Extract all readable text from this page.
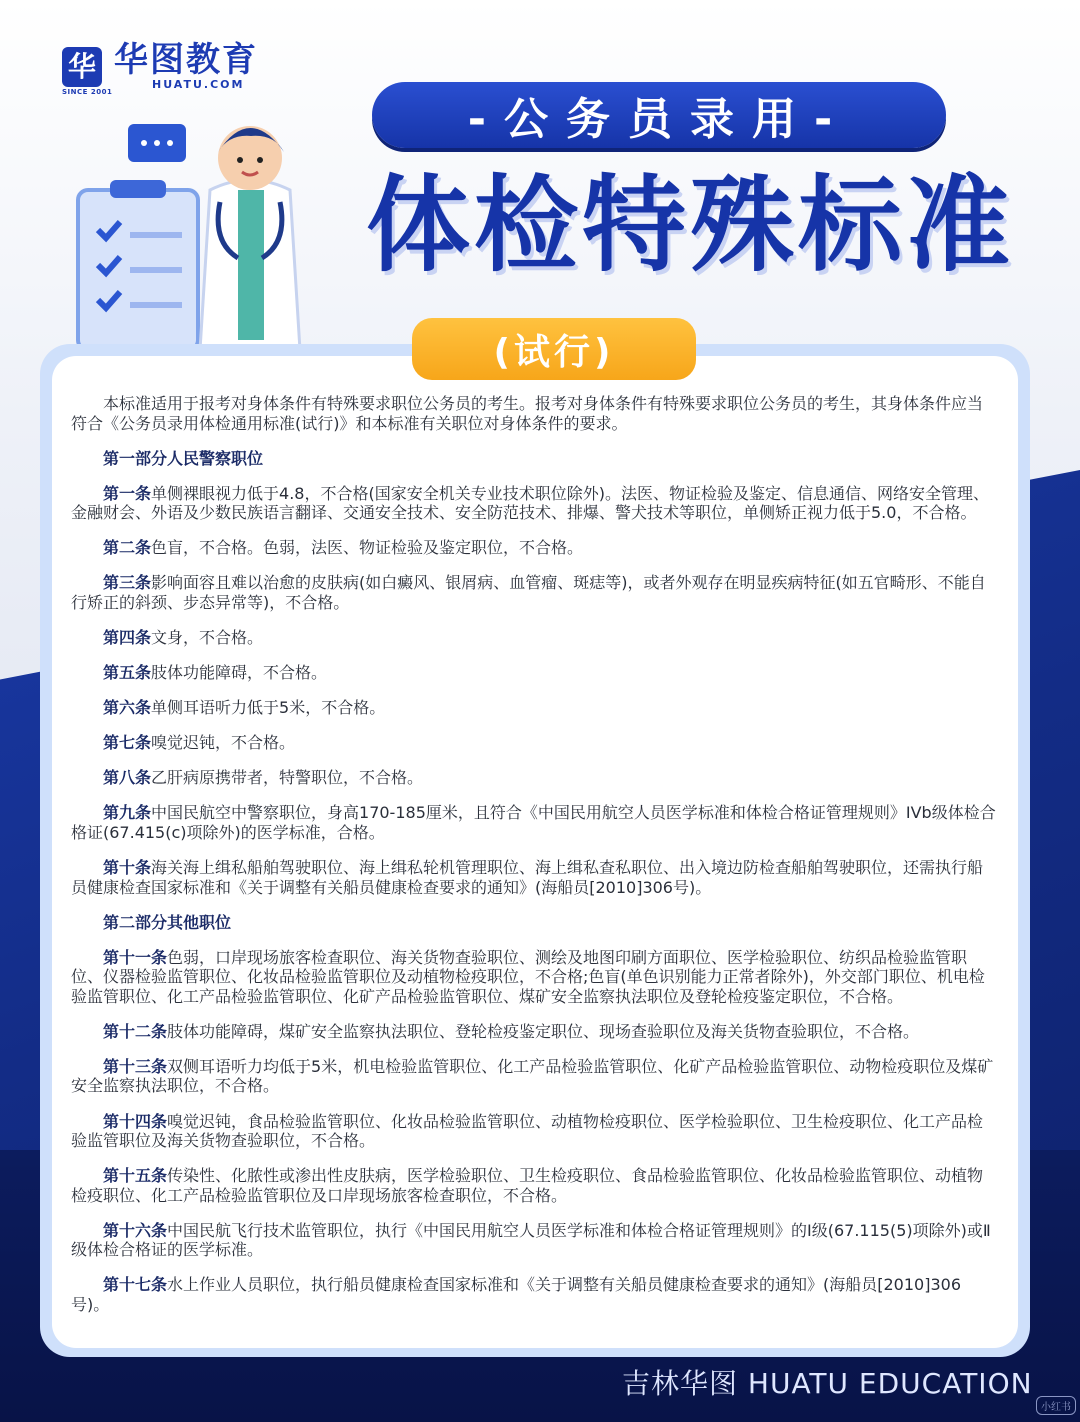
华 华图教育
HUATU.COM
SINCE 2001
-公务员录用-
体检特殊标准
(试行)

本标准适用于报考对身体条件有特殊要求职位公务员的考生。报考对身体条件有特殊要求职位公务员的考生，其身体条件应当符合《公务员录用体检通用标准(试行)》和本标准有关职位对身体条件的要求。

第一部分人民警察职位

第一条单侧裸眼视力低于4.8，不合格(国家安全机关专业技术职位除外)。法医、物证检验及鉴定、信息通信、网络安全管理、金融财会、外语及少数民族语言翻译、交通安全技术、安全防范技术、排爆、警犬技术等职位，单侧矫正视力低于5.0，不合格。

第二条色盲，不合格。色弱，法医、物证检验及鉴定职位，不合格。

第三条影响面容且难以治愈的皮肤病(如白癜风、银屑病、血管瘤、斑痣等)，或者外观存在明显疾病特征(如五官畸形、不能自行矫正的斜颈、步态异常等)，不合格。

第四条文身，不合格。

第五条肢体功能障碍，不合格。

第六条单侧耳语听力低于5米，不合格。

第七条嗅觉迟钝，不合格。

第八条乙肝病原携带者，特警职位，不合格。

第九条中国民航空中警察职位，身高170-185厘米，且符合《中国民用航空人员医学标准和体检合格证管理规则》IVb级体检合格证(67.415(c)项除外)的医学标准，合格。

第十条海关海上缉私船舶驾驶职位、海上缉私轮机管理职位、海上缉私查私职位、出入境边防检查船舶驾驶职位，还需执行船员健康检查国家标准和《关于调整有关船员健康检查要求的通知》(海船员[2010]306号)。

第二部分其他职位

第十一条色弱，口岸现场旅客检查职位、海关货物查验职位、测绘及地图印刷方面职位、医学检验职位、纺织品检验监管职位、仪器检验监管职位、化妆品检验监管职位及动植物检疫职位，不合格;色盲(单色识别能力正常者除外)，外交部门职位、机电检验监管职位、化工产品检验监管职位、化矿产品检验监管职位、煤矿安全监察执法职位及登轮检疫鉴定职位，不合格。

第十二条肢体功能障碍，煤矿安全监察执法职位、登轮检疫鉴定职位、现场查验职位及海关货物查验职位，不合格。

第十三条双侧耳语听力均低于5米，机电检验监管职位、化工产品检验监管职位、化矿产品检验监管职位、动物检疫职位及煤矿安全监察执法职位，不合格。

第十四条嗅觉迟钝，食品检验监管职位、化妆品检验监管职位、动植物检疫职位、医学检验职位、卫生检疫职位、化工产品检验监管职位及海关货物查验职位，不合格。

第十五条传染性、化脓性或渗出性皮肤病，医学检验职位、卫生检疫职位、食品检验监管职位、化妆品检验监管职位、动植物检疫职位、化工产品检验监管职位及口岸现场旅客检查职位，不合格。

第十六条中国民航飞行技术监管职位，执行《中国民用航空人员医学标准和体检合格证管理规则》的Ⅰ级(67.115(5)项除外)或Ⅱ级体检合格证的医学标准。

第十七条水上作业人员职位，执行船员健康检查国家标准和《关于调整有关船员健康检查要求的通知》(海船员[2010]306号)。

吉林华图 HUATU EDUCATION
小红书
